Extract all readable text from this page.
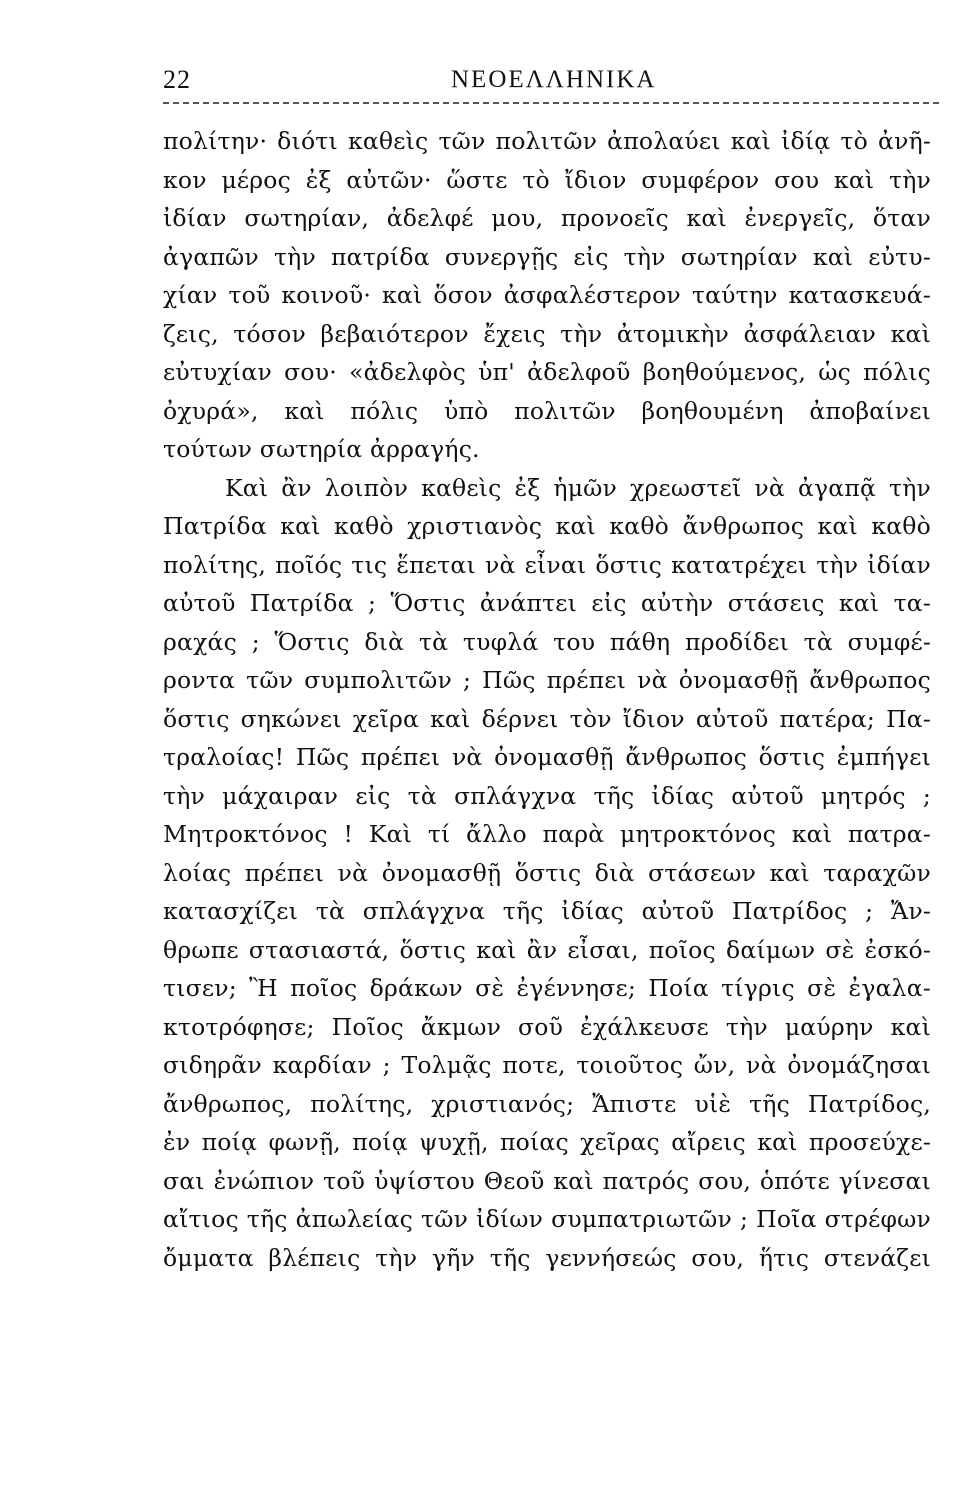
22	ΝΕΟΕΛΛΗΝΙΚΑ
πολίτην· διότι καθεὶς τῶν πολιτῶν ἀπολαύει καὶ ἰδίᾳ τὸ ἀνῆ-
κον μέρος ἐξ αὐτῶν· ὥστε τὸ ἴδιον συμφέρον σου καὶ τὴν
ἰδίαν σωτηρίαν, ἀδελφέ μου, προνοεῖς καὶ ἐνεργεῖς, ὅταν
ἀγαπῶν τὴν πατρίδα συνεργῇς εἰς τὴν σωτηρίαν καὶ εὐτυ-
χίαν τοῦ κοινοῦ· καὶ ὅσον ἀσφαλέστερον ταύτην κατασκευά-
ζεις, τόσον βεβαιότερον ἔχεις τὴν ἀτομικὴν ἀσφάλειαν καὶ
εὐτυχίαν σου· «ἀδελφὸς ὑπ' ἀδελφοῦ βοηθούμενος, ὡς πόλις
ὀχυρά», καὶ πόλις ὑπὸ πολιτῶν βοηθουμένη ἀποβαίνει
τούτων σωτηρία ἀρραγής.
Καὶ ἂν λοιπὸν καθεὶς ἐξ ἡμῶν χρεωστεῖ νὰ ἀγαπᾷ τὴν
Πατρίδα καὶ καθὸ χριστιανὸς καὶ καθὸ ἄνθρωπος καὶ καθὸ
πολίτης, ποῖός τις ἕπεται νὰ εἶναι ὅστις κατατρέχει τὴν ἰδίαν
αὐτοῦ Πατρίδα ; Ὅστις ἀνάπτει εἰς αὐτὴν στάσεις καὶ τα-
ραχάς ; Ὅστις διὰ τὰ τυφλά του πάθη προδίδει τὰ συμφέ-
ροντα τῶν συμπολιτῶν ; Πῶς πρέπει νὰ ὀνομασθῇ ἄνθρωπος
ὅστις σηκώνει χεῖρα καὶ δέρνει τὸν ἴδιον αὐτοῦ πατέρα; Πα-
τραλοίας! Πῶς πρέπει νὰ ὀνομασθῇ ἄνθρωπος ὅστις ἐμπήγει
τὴν μάχαιραν εἰς τὰ σπλάγχνα τῆς ἰδίας αὐτοῦ μητρός ;
Μητροκτόνος ! Καὶ τί ἄλλο παρὰ μητροκτόνος καὶ πατρα-
λοίας πρέπει νὰ ὀνομασθῇ ὅστις διὰ στάσεων καὶ ταραχῶν
κατασχίζει τὰ σπλάγχνα τῆς ἰδίας αὐτοῦ Πατρίδος ; Ἄν-
θρωπε στασιαστά, ὅστις καὶ ἂν εἶσαι, ποῖος δαίμων σὲ ἐσκό-
τισεν; Ἢ ποῖος δράκων σὲ ἐγέννησε; Ποία τίγρις σὲ ἐγαλα-
κτοτρόφησε; Ποῖος ἄκμων σοῦ ἐχάλκευσε τὴν μαύρην καὶ
σιδηρᾶν καρδίαν ; Τολμᾷς ποτε, τοιοῦτος ὤν, νὰ ὀνομάζησαι
ἄνθρωπος, πολίτης, χριστιανός; Ἄπιστε υἱὲ τῆς Πατρίδος,
ἐν ποίᾳ φωνῇ, ποίᾳ ψυχῇ, ποίας χεῖρας αἴρεις καὶ προσεύχε-
σαι ἐνώπιον τοῦ ὑψίστου Θεοῦ καὶ πατρός σου, ὁπότε γίνεσαι
αἴτιος τῆς ἀπωλείας τῶν ἰδίων συμπατριωτῶν ; Ποῖα στρέφων
ὄμματα βλέπεις τὴν γῆν τῆς γεννήσεώς σου, ἥτις στενάζει
